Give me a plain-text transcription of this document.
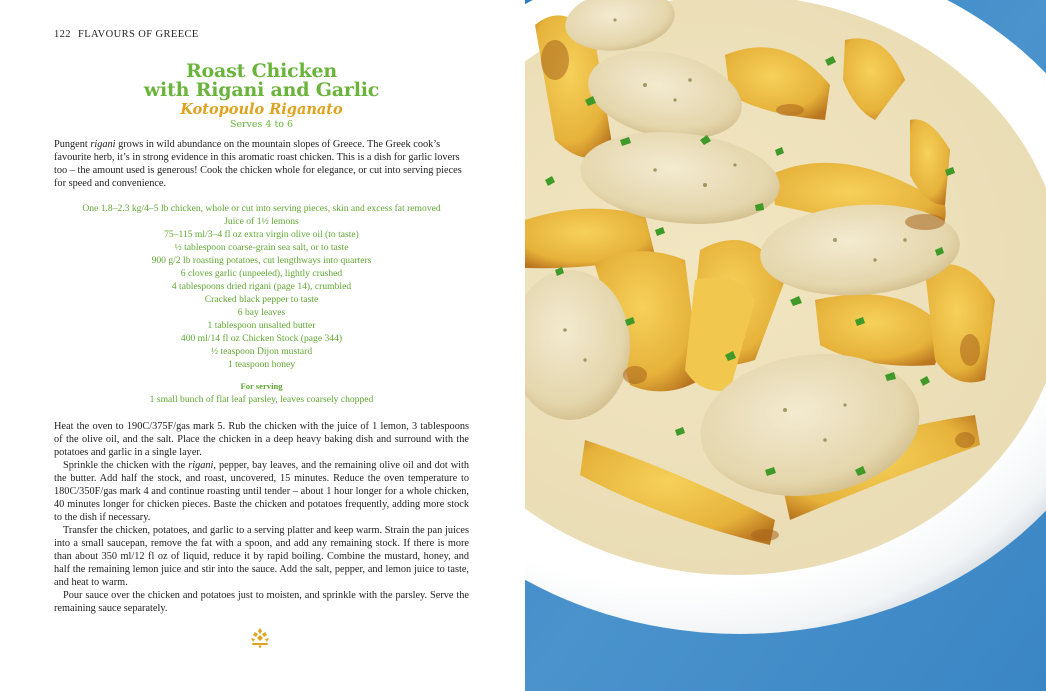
122 FLAVOURS OF GREECE
Roast Chicken
with Rigani and Garlic
Kotopoulo Riganato
Serves 4 to 6
Pungent rigani grows in wild abundance on the mountain slopes of Greece. The Greek cook’s favourite herb, it’s in strong evidence in this aromatic roast chicken. This is a dish for garlic lovers too – the amount used is generous! Cook the chicken whole for elegance, or cut into serving pieces for speed and convenience.
One 1.8–2.3 kg/4–5 lb chicken, whole or cut into serving pieces, skin and excess fat removed
Juice of 1½ lemons
75–115 ml/3–4 fl oz extra virgin olive oil (to taste)
½ tablespoon coarse-grain sea salt, or to taste
900 g/2 lb roasting potatoes, cut lengthways into quarters
6 cloves garlic (unpeeled), lightly crushed
4 tablespoons dried rigani (page 14), crumbled
Cracked black pepper to taste
6 bay leaves
1 tablespoon unsalted butter
400 ml/14 fl oz Chicken Stock (page 344)
½ teaspoon Dijon mustard
1 teaspoon honey
For serving
1 small bunch of flat leaf parsley, leaves coarsely chopped

Heat the oven to 190C/375F/gas mark 5. Rub the chicken with the juice of 1 lemon, 3 tablespoons of the olive oil, and the salt. Place the chicken in a deep heavy baking dish and surround with the potatoes and garlic in a single layer.

Sprinkle the chicken with the rigani, pepper, bay leaves, and the remaining olive oil and dot with the butter. Add half the stock, and roast, uncovered, 15 minutes. Reduce the oven temperature to 180C/350F/gas mark 4 and continue roasting until tender – about 1 hour longer for a whole chicken, 40 minutes longer for chicken pieces. Baste the chicken and potatoes frequently, adding more stock to the dish if necessary.

Transfer the chicken, potatoes, and garlic to a serving platter and keep warm. Strain the pan juices into a small saucepan, remove the fat with a spoon, and add any remaining stock. If there is more than about 350 ml/12 fl oz of liquid, reduce it by rapid boiling. Combine the mustard, honey, and half the remaining lemon juice and stir into the sauce. Add the salt, pepper, and lemon juice to taste, and heat to warm.

Pour sauce over the chicken and potatoes just to moisten, and sprinkle with the parsley. Serve the remaining sauce separately.
